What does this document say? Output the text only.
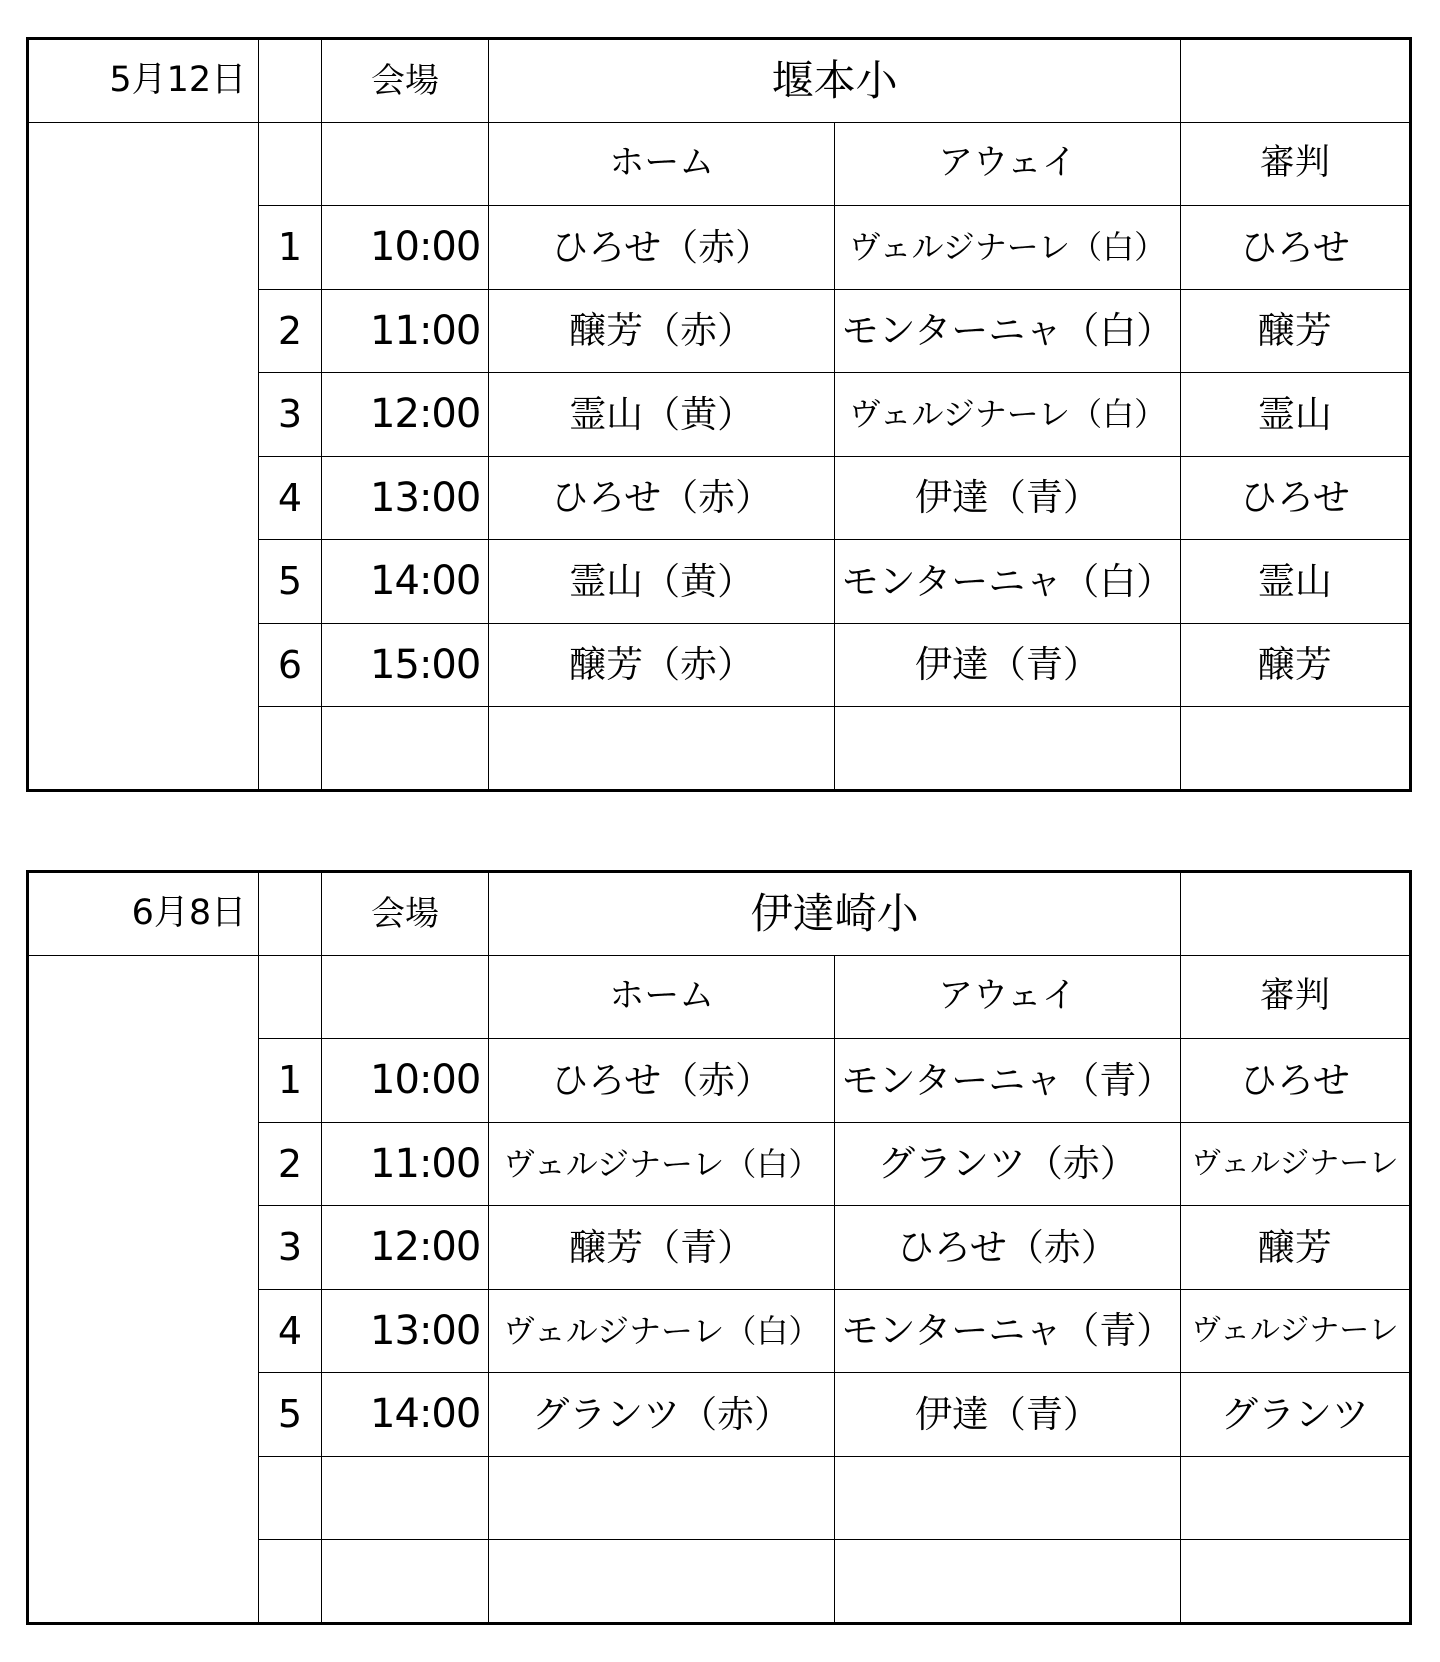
5月12日		会場	堰本小		
			ホーム	アウェイ	審判
	1	10:00	ひろせ（赤）	ヴェルジナーレ（白）	ひろせ
	2	11:00	醸芳（赤）	モンターニャ（白）	醸芳
	3	12:00	霊山（黄）	ヴェルジナーレ（白）	霊山
	4	13:00	ひろせ（赤）	伊達（青）	ひろせ
	5	14:00	霊山（黄）	モンターニャ（白）	霊山
	6	15:00	醸芳（赤）	伊達（青）	醸芳

6月8日		会場	伊達崎小		
			ホーム	アウェイ	審判
	1	10:00	ひろせ（赤）	モンターニャ（青）	ひろせ
	2	11:00	ヴェルジナーレ（白）	グランツ（赤）	ヴェルジナーレ
	3	12:00	醸芳（青）	ひろせ（赤）	醸芳
	4	13:00	ヴェルジナーレ（白）	モンターニャ（青）	ヴェルジナーレ
	5	14:00	グランツ（赤）	伊達（青）	グランツ
